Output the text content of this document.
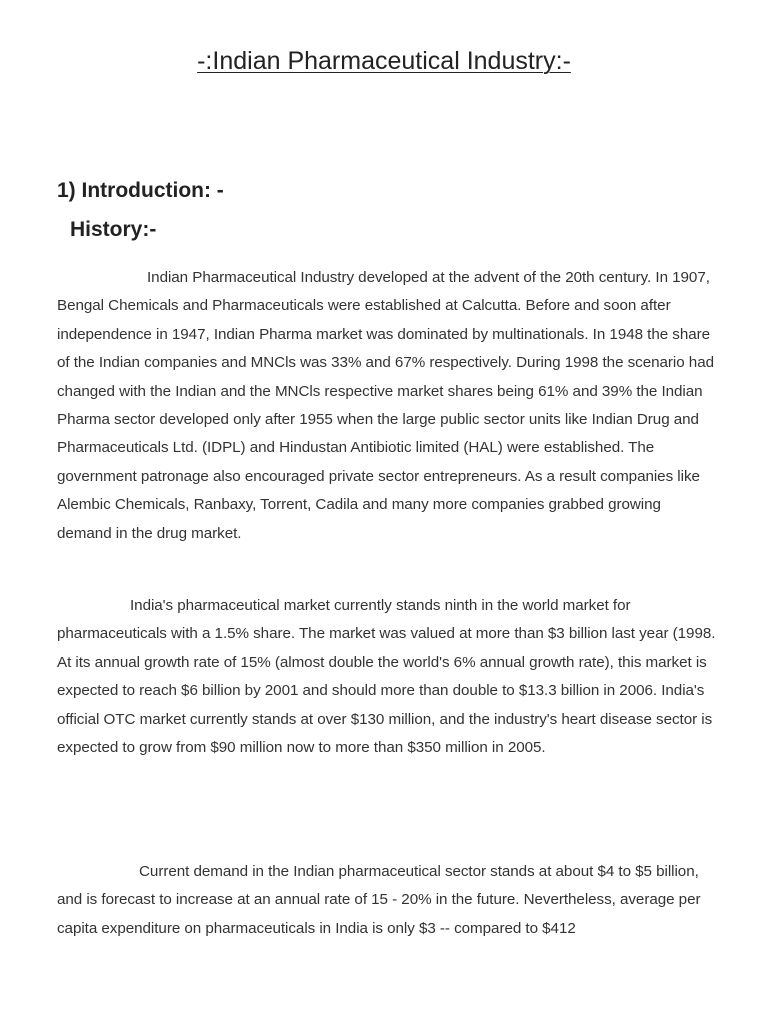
-:Indian Pharmaceutical Industry:-
1) Introduction: -
History:-

Indian Pharmaceutical Industry developed at the advent of the 20th century. In 1907, Bengal Chemicals and Pharmaceuticals were established at Calcutta. Before and soon after independence in 1947, Indian Pharma market was dominated by multinationals. In 1948 the share of the Indian companies and MNCls was 33% and 67% respectively. During 1998 the scenario had changed with the Indian and the MNCls respective market shares being 61% and 39% the Indian Pharma sector developed only after 1955 when the large public sector units like Indian Drug and Pharmaceuticals Ltd. (IDPL) and Hindustan Antibiotic limited (HAL) were established. The government patronage also encouraged private sector entrepreneurs. As a result companies like Alembic Chemicals, Ranbaxy, Torrent, Cadila and many more companies grabbed growing demand in the drug market.

India's pharmaceutical market currently stands ninth in the world market for pharmaceuticals with a 1.5% share. The market was valued at more than $3 billion last year (1998. At its annual growth rate of 15% (almost double the world's 6% annual growth rate), this market is expected to reach $6 billion by 2001 and should more than double to $13.3 billion in 2006. India's official OTC market currently stands at over $130 million, and the industry's heart disease sector is expected to grow from $90 million now to more than $350 million in 2005.

Current demand in the Indian pharmaceutical sector stands at about $4 to $5 billion, and is forecast to increase at an annual rate of 15 - 20% in the future. Nevertheless, average per capita expenditure on pharmaceuticals in India is only $3 -- compared to $412
